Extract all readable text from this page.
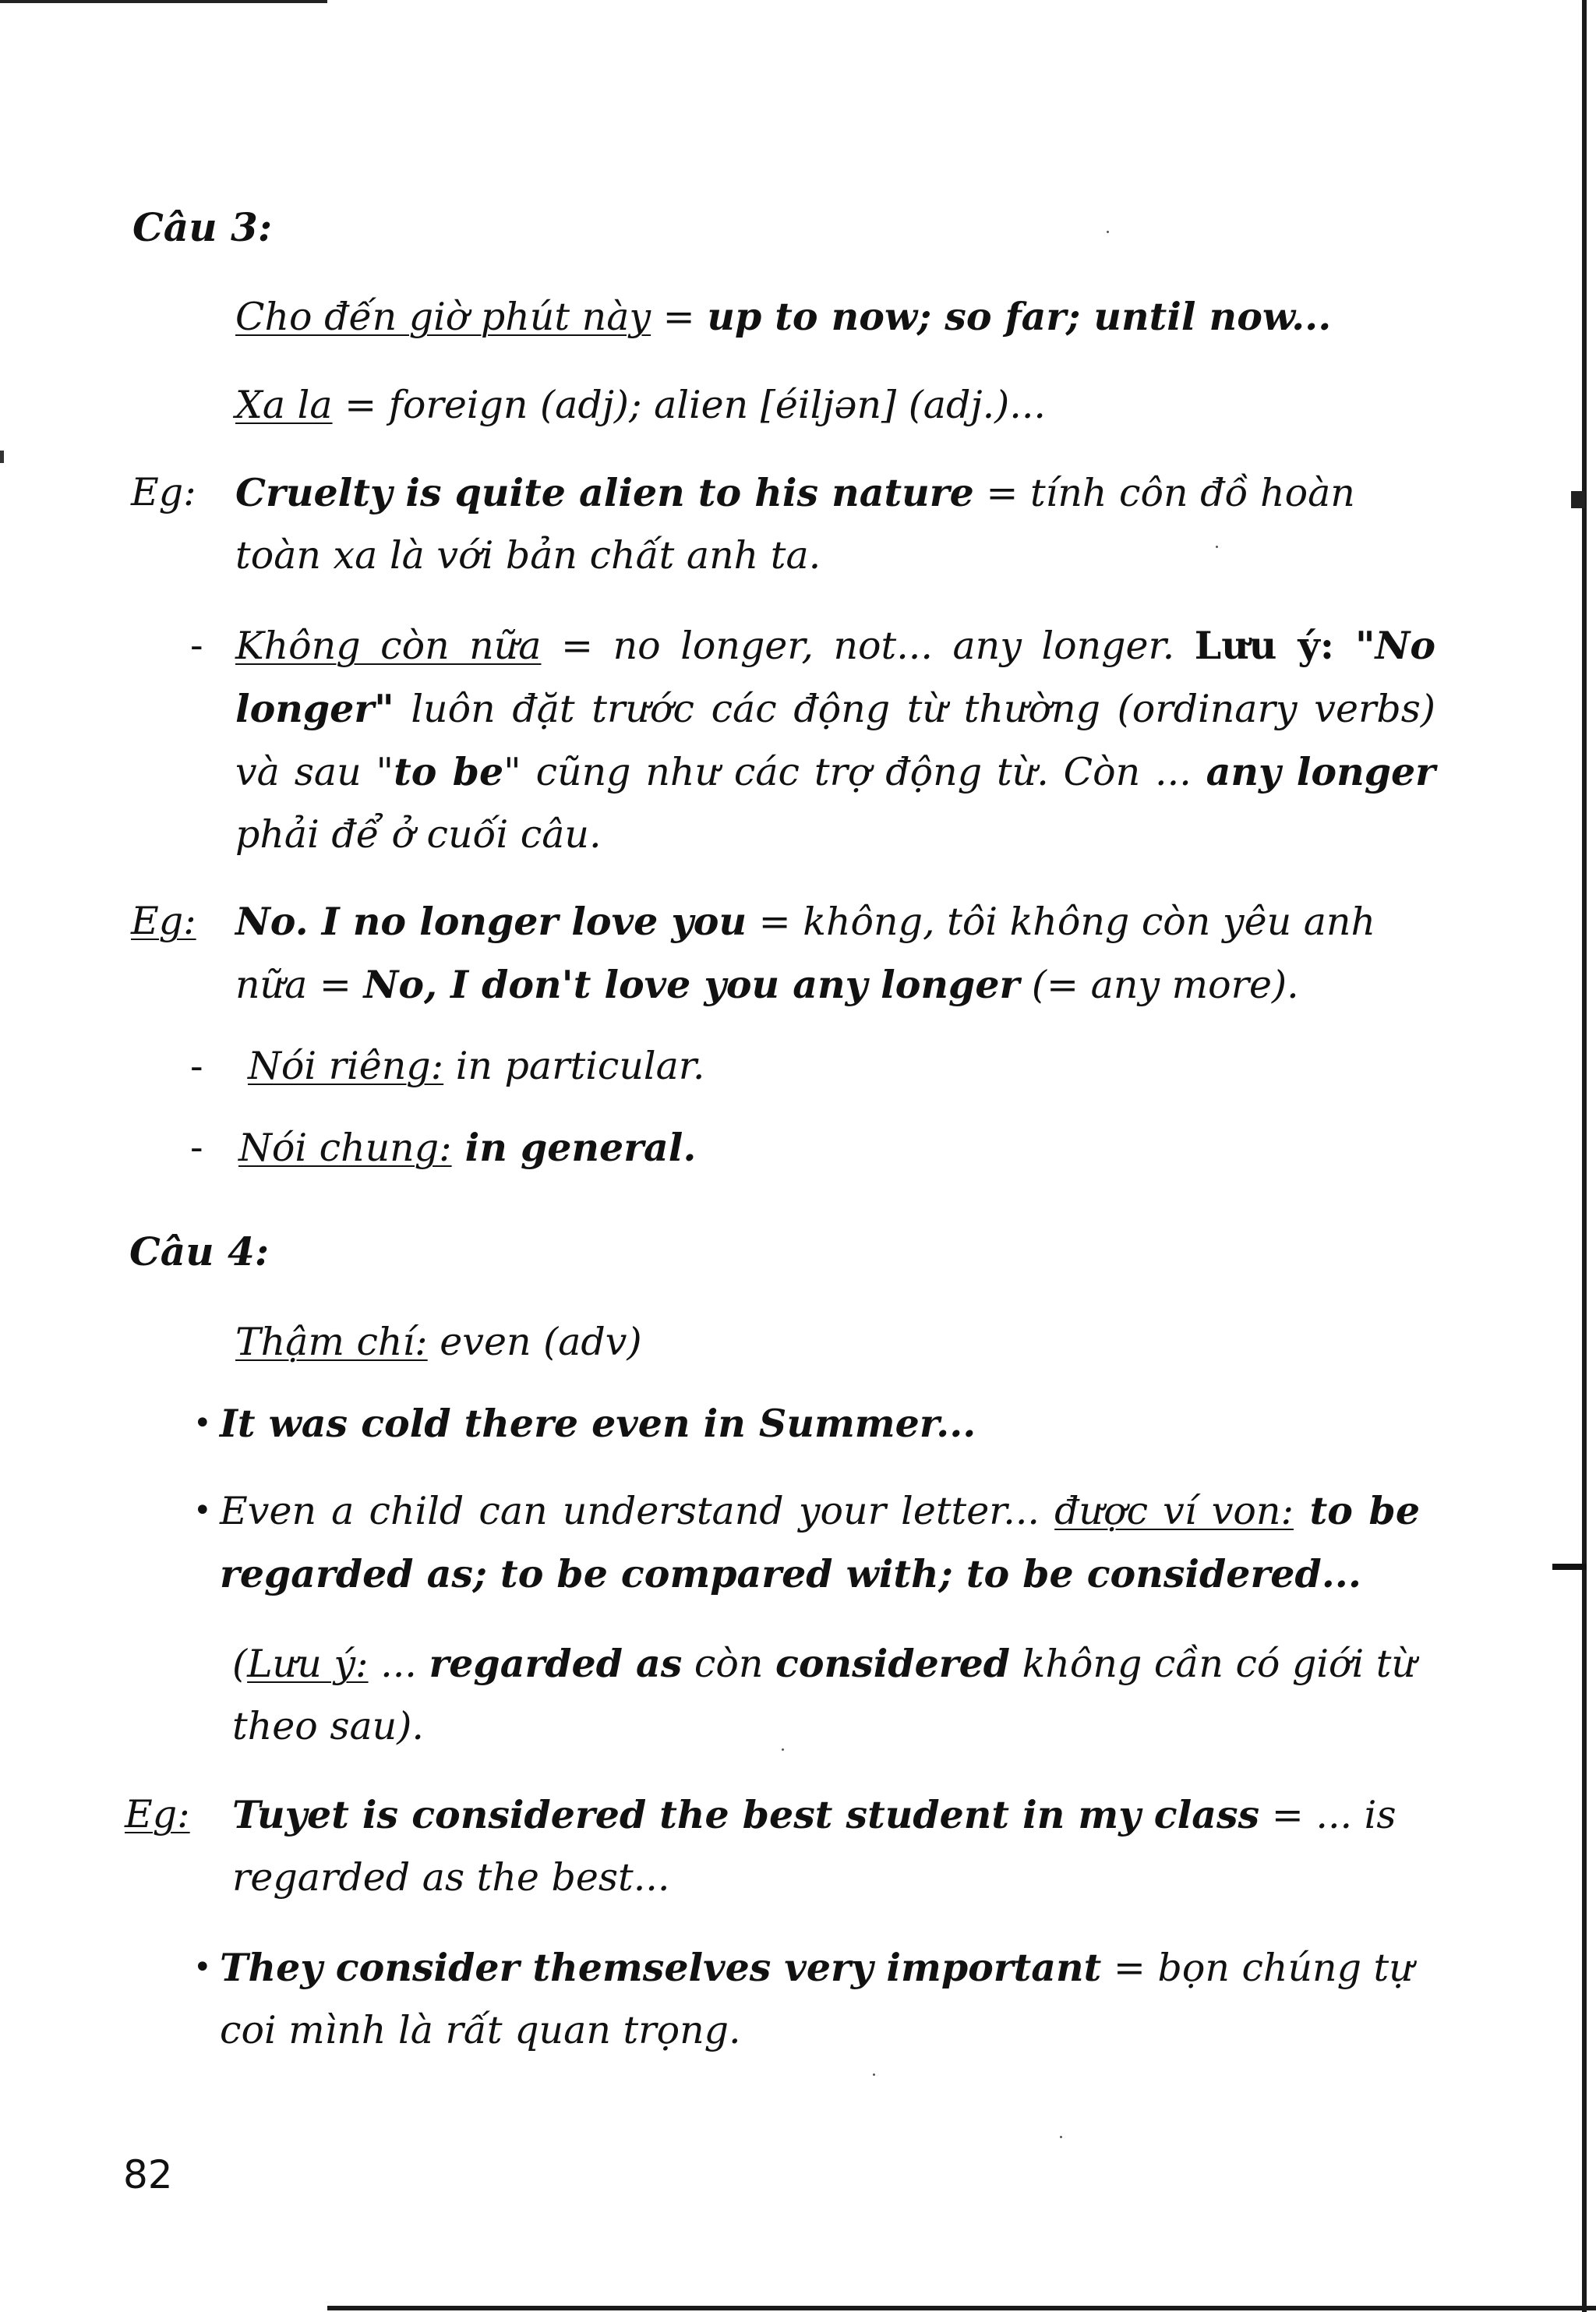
Câu 3:
Cho đến giờ phút này = up to now; so far; until now...
Xa la = foreign (adj); alien [éiljən] (adj.)...
Eg: Cruelty is quite alien to his nature = tính côn đồ hoàn toàn xa là với bản chất anh ta.
- Không còn nữa = no longer, not... any longer. Lưu ý: "No longer" luôn đặt trước các động từ thường (ordinary verbs) và sau "to be" cũng như các trợ động từ. Còn ... any longer phải để ở cuối câu.
Eg: No. I no longer love you = không, tôi không còn yêu anh nữa = No, I don't love you any longer (= any more).
- Nói riêng: in particular.
- Nói chung: in general.
Câu 4:
Thậm chí: even (adv)
• It was cold there even in Summer...
• Even a child can understand your letter... được ví von: to be regarded as; to be compared with; to be considered...
(Lưu ý: ... regarded as còn considered không cần có giới từ theo sau).
Eg: Tuyet is considered the best student in my class = ... is regarded as the best...
• They consider themselves very important = bọn chúng tự coi mình là rất quan trọng.
82
